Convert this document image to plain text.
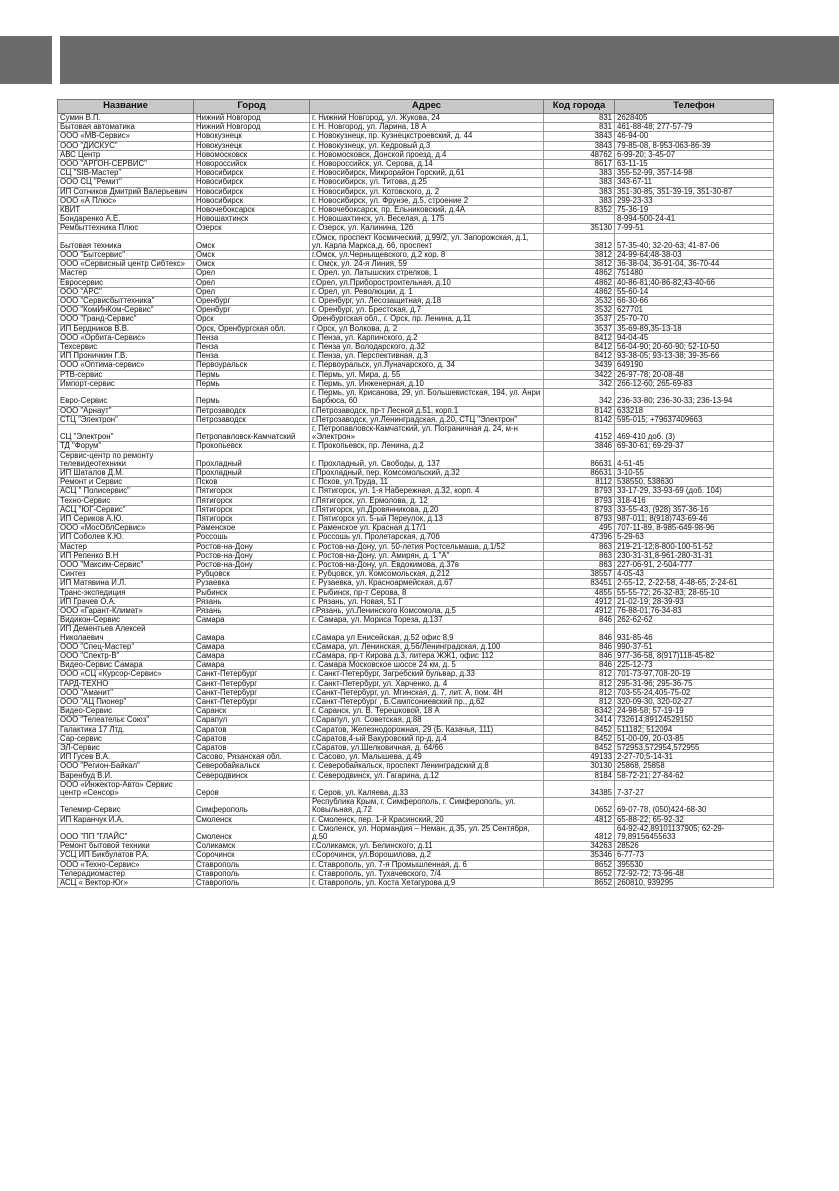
Название	Город	Адрес	Код города	Телефон
Сумин В.П.	Нижний Новгород	г. Нижний Новгород, ул. Жукова, 24	831	2628405
Бытовая автоматика	Нижний Новгород	г. Н. Новгород, ул. Ларина, 18 А	831	461-88-48; 277-57-79
ООО «МВ-Сервис»	Новокузнецк	г. Новокузнецк, пр. Кузнецкстроевский, д. 44	3843	46-94-00
ООО "ДИСКУС"	Новокузнецк	г. Новокузнецк, ул. Кедровый д.3	3843	79-85-08, 8-953-063-86-39
АВС Центр	Новомосковск	г. Новомосковск, Донской проезд, д.4	48762	6-99-20; 3-45-07
ООО "АРГОН-СЕРВИС"	Новороссийск	г. Новороссийск, ул. Серова, д.14	8617	63-11-15
СЦ "SIB-Мастер"	Новосибирск	г. Новосибирск, Микрорайон Горский, д.61	383	355-52-99, 357-14-98
ООО СЦ "Ремит"	Новосибирск	г. Новосибирск, ул. Титова, д.25	383	343-67-11
ИП Сотников Дмитрий Валерьевич	Новосибирск	г. Новосибирск, ул. Котовского, д. 2	383	351-30-85, 351-39-19, 351-30-87
ООО «А Плюс»	Новосибирск	г. Новосибирск, ул. Фрунзе, д.5, строение 2	383	299-23-33
КВИТ	Новочебоксарск	г. Новочебоксарск, пр. Ельниковский, д.4А	8352	75-36-19
Бондаренко А.Е.	Новошахтинск	г. Новошахтинск, ул. Веселая, д. 175		8-994-500-24-41
Рембыттехника Плюс	Озерск	г. Озерск, ул. Калинина, 12б	35130	7-99-51
Бытовая техника	Омск	г.Омск, проспект Космический, д.99/2, ул. Запорожская, д.1, ул. Карла Маркса,д. 66, проспект	3812	57-35-40; 32-20-63; 41-87-06
ООО "Бытсервис"	Омск	г.Омск, ул.Черныщевского, д.2 кор. 8	3812	24-99-64;48-38-03
ООО «Сервисный центр Сибтекс»	Омск	г. Омск, ул. 24-я Линия, 59	3812	36-38-04, 36-91-04, 36-70-44
Мастер	Орел	г. Орел. ул. Латышских стрелков, 1	4862	751480
Евросервис	Орел	г.Орел, ул.Приборостроительная, д.10	4862	40-86-81;40-86-82;43-40-66
ООО "АРС"	Орел	г. Орел, ул. Революции, д. 1	4862	55-60-14
ООО "Сервисбыттехника"	Оренбург	г. Оренбург, ул. Лесозащитная, д.18	3532	66-30-66
ООО "КомИнКом-Сервис"	Оренбург	г. Оренбург, ул. Брестская, д.7	3532	627701
ООО "Гранд-Сервис"	Орск	Оренбургская обл., г. Орск, пр. Ленина, д.11	3537	25-70-70
ИП Бердников В.В.	Орск, Оренбургская обл.	г Орск, ул Волкова, д. 2	3537	35-69-89,35-13-18
ООО «Орбита-Сервис»	Пенза	г. Пенза, ул. Карпинского, д.2	8412	94-04-45
Техсервис	Пенза	г. Пенза ул. Володарского, д.32	8412	56-04-90; 20-60-90; 52-10-50
ИП Проничкин Г.В.	Пенза	г. Пенза, ул. Перспективная, д.3	8412	93-38-05; 93-13-38; 39-35-66
ООО «Оптима-сервис»	Первоуральск	г. Первоуральск, ул.Луначарского, д. 34	3439	649190
РТВ-сервис	Пермь	г. Пермь, ул. Мира, д. 55	3422	26-97-78; 20-08-48
Импорт-сервис	Пермь	г. Пермь, ул. Инженерная, д.10	342	266-12-60; 265-69-83
Евро-Сервис	Пермь	г. Пермь, ул. Крисанова, 29, ул. Большевистская, 194, ул. Анри Барбюса, 60	342	236-33-80; 236-30-33; 236-13-94
ООО "Арнаут"	Петрозаводск	г.Петрозаводск, пр-т Лесной д.51, корп.1	8142	633218
СТЦ "Электрон"	Петрозаводск	г.Петрозаводск, ул.Ленинградская, д.20, СТЦ "Электрон"	8142	595-015; +79637409663
СЦ "Электрон"	Петропавловск-Камчатский	г. Петропавловск-Камчатский, ул. Пограничная д. 24, м-н «Электрон»	4152	469-410 доб. (3)
ТД "Форум"	Прокопьевск	г. Прокопьевск, пр. Ленина, д.2	3846	69-30-61; 69-29-37
Сервис-центр по ремонту телевидеотехники	Прохладный	г. Прохладный, ул. Свободы, д. 137	86631	4-51-45
ИП Шаталов Д.М.	Прохладный	г.Прохладный, пер. Комсомольский, д.32	86631	3-10-55
Ремонт и Сервис	Псков	г. Псков, ул.Труда, 11	8112	538550, 538630
АСЦ " Полисервис"	Пятигорск	г. Пятигорск, ул. 1-я Набережная, д.32, корп. 4	8793	33-17-29, 33-93-69 (доб. 104)
Техно-Сервис	Пятигорск	г.Пятигорск, ул. Ермолова, д. 12	8793	318-416
АСЦ "ЮГ-Сервис"	Пятигорск	г.Пятигорск, ул.Дровянникова, д.20	8793	33-55-43, (928) 357-36-16
ИП Сериков А.Ю.	Пятигорск	г. Пятигорск ул. 5-ый Переулок, д.13	8793	987-011; 8(918)743-69-46
ООО «МосОблСервис»	Раменское	г. Раменское ул. Красная д.17/1	495	707-11-89, 8-985-649-98-96
ИП Соболев К.Ю.	Россошь	г. Россошь ул. Пролетарская, д.70б	47396	5-29-63
Мастер	Ростов-на-Дону	г. Ростов-на-Дону, ул. 50-летия Ростсельмаша, д.1/52	863	219-21-12;8-800-100-51-52
ИП Репенко В.Н	Ростов-на-Дону	г. Ростов-на-Дону, ул. Амирян, д. 1 "А"	863	230-31-31,8-961-280-31-31
ООО "Максим-Сервис"	Ростов-на-Дону	г. Ростов-на-Дону, ул. Евдокимова, д.37в	863	227-06-91, 2-504-777
Синтез	Рубцовск	г. Рубцовск, ул. Комсомольская, д.212	38557	4-05-43
ИП Матявина И.Л.	Рузаевка	г. Рузаевка, ул. Красноармейская, д.67	83451	2-55-12, 2-22-58, 4-48-65, 2-24-61
Транс-экспедиция	Рыбинск	г. Рыбинск, пр-т Серова, 8	4855	55-55-72; 26-32-83; 28-65-10
ИП Грачев О.А.	Рязань	г. Рязань, ул. Новая, 51 Г	4912	21-02-19; 28-39-93
ООО «Гарант-Климат»	Рязань	г.Рязань, ул.Ленинского Комсомола, д.5	4912	76-88-01;76-34-83
Видикон-Сервис	Самара	г. Самара, ул. Мориса Тореза, д.137	846	262-62-62
ИП Дементьев Алексей Николаевич	Самара	г.Самара ул Енисейская, д.52 офис 8,9	846	931-85-46
ООО "Спец-Мастер"	Самара	г.Самара, ул. Ленинская, д.56/Ленинградская, д.100	846	990-37-51
ООО "Спектр-В"	Самара	г.Самара, пр-т Кирова д.3, литера ЖЖ1, офис 112	846	977-36-58, 8(917)118-45-82
Видео-Сервис Самара	Самара	г. Самара Московское шоссе 24 км, д. 5	846	225-12-73
ООО «СЦ «Курсор-Сервис»	Санкт-Петербург	г. Санкт-Петербург, Загребский бульвар, д.33	812	701-73-97,708-20-19
ГАРД-ТЕХНО	Санкт-Петербург	г. Санкт-Петербург, ул. Харченко, д. 4	812	295-31-96; 295-36-75
ООО "Аманит"	Санкт-Петербург	г.Санкт-Петербург, ул. Мгинская, д. 7, лит. А, пом. 4Н	812	703-55-24,405-75-02
ООО "АЦ Пионер"	Санкт-Петербург	г.Санкт-Петербург , Б.Сампсониевский пр., д.62	812	320-09-30, 320-02-27
Видео-Сервис	Саранск	г. Саранск, ул. В. Терешковой, 18 А	8342	24-98-58; 57-19-19
ООО "Телеательє Союз"	Сарапул	г.Сарапул, ул. Советская, д.88	3414	732614;89124529150
Галактика 17 Лтд.	Саратов	г.Саратов, Железнодорожная, 29 (Б. Казачья, 111)	8452	511182; 512094
Сар-сервис	Саратов	г.Саратов,4-ый Вакуровский пр-д, д.4	8452	51-00-09, 20-03-85
ЭЛ-Сервис	Саратов	г.Саратов, ул.Шелковичная, д. 64/66	8452	572953,572954,572955
ИП Гусев В.А.	Сасово, Рязанская обл.	г. Сасово, ул. Малышева, д.49	49133	2-27-70;5-14-31
ООО "Регион-Байкал"	Северобайкальск	г. Северобайкальск, проспект Ленинградский д.8	30130	25868, 25858
Варенбуд В.И.	Северодвинск	г. Северодвинск, ул. Гагарина, д.12	8184	58-72-21; 27-84-62
ООО «Инжектор-Авто» Сервис центр «Сенсор»	Серов	г. Серов, ул. Каляева, д.33	34385	7-37-27
Телемир-Сервис	Симферополь	Республика Крым, г. Симферополь, г. Симферополь, ул. Ковыльная, д.72	0652	69-07-78, (050)424-68-30
ИП Каранчук И.А.	Смоленск	г. Смоленск, пер. 1-й Красинский, 20	4812	65-88-22; 65-92-32
ООО "ПП "ГЛАЙС"	Смоленск	г. Смоленск, ул. Нормандия – Неман, д.35, ул. 25 Сентября, д.50	4812	64-92-42,89101137905; 62-29-79,89156455633
Ремонт бытовой техники	Соликамск	г.Соликамск, ул. Белинского, д.11	34263	28526
УСЦ ИП Бикбулатов Р.А.	Сорочинск	г.Сорочинск, ул.Ворошилова, д.2	35346	6-77-73
ООО «Техно-Сервис»	Ставрополь	г. Ставрополь, ул. 7-я Промышленная, д. 6	8652	395530
Телерадиомастер	Ставрополь	г. Ставрополь, ул. Тухачевского, 7/4	8652	72-92-72; 73-96-48
АСЦ « Вектор-Юг»	Ставрополь	г. Ставрополь, ул. Коста Хетагурова д.9	8652	260810, 939295
